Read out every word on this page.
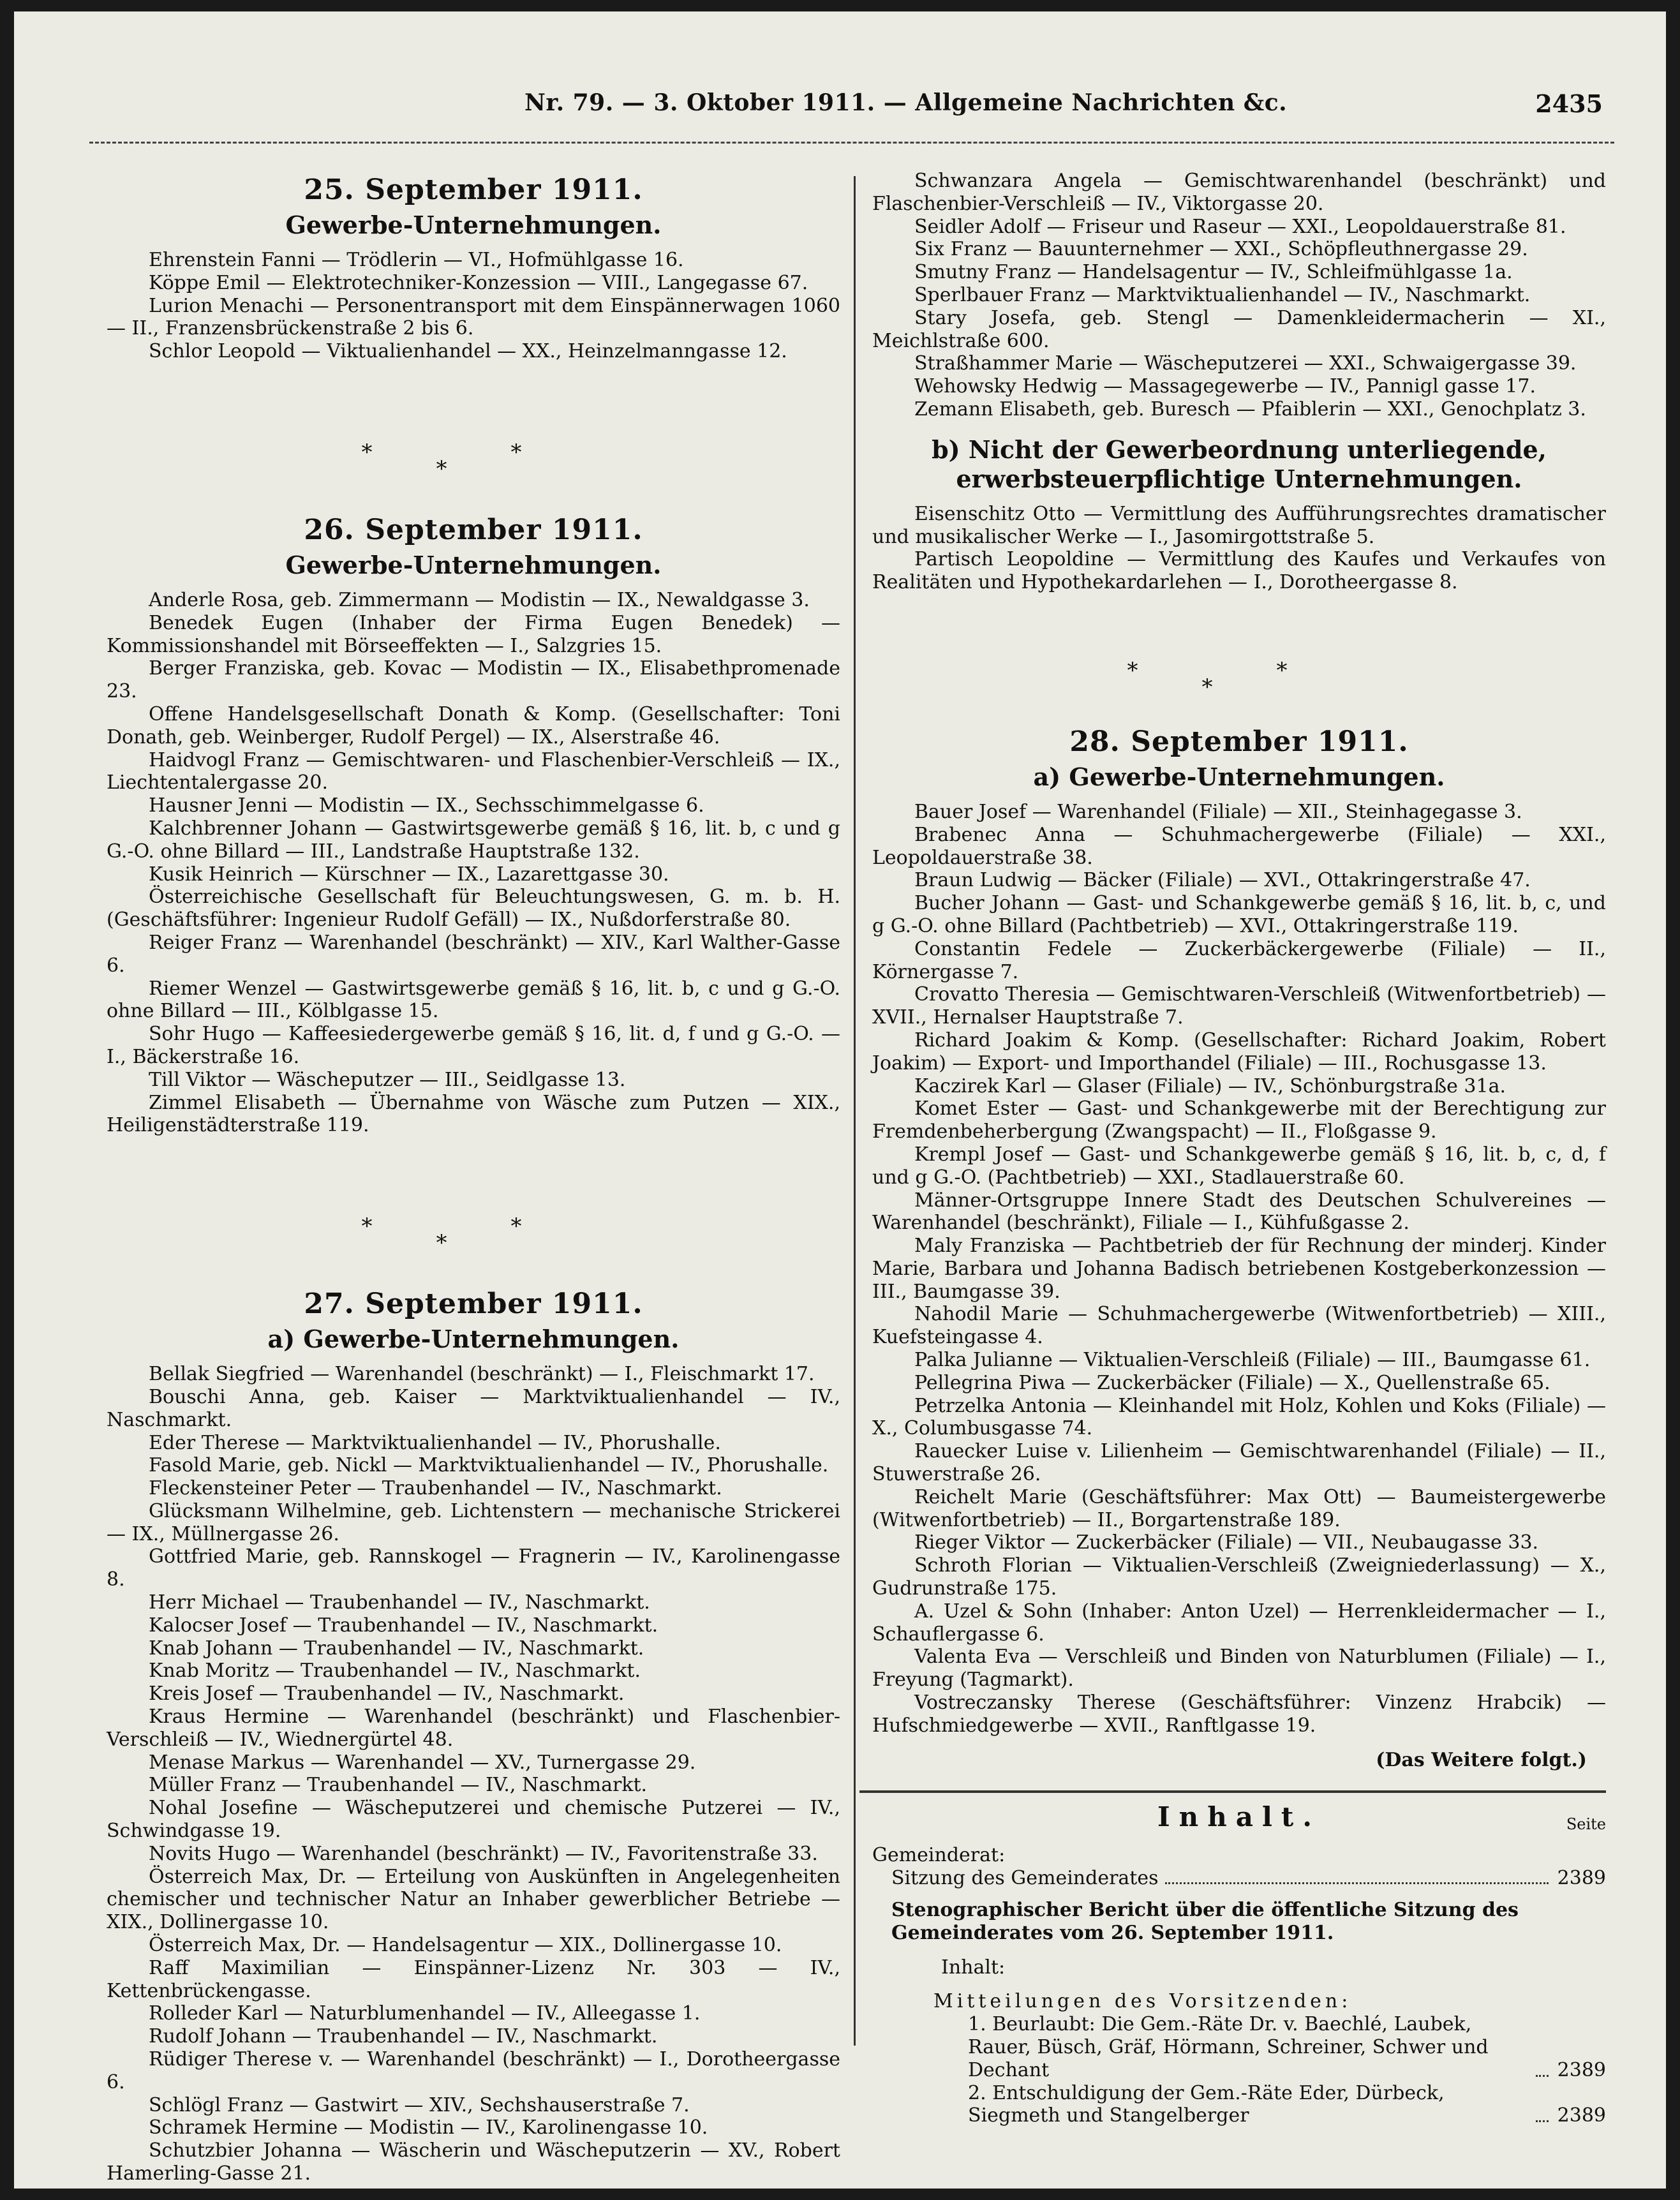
Nr. 79. — 3. Oktober 1911. — Allgemeine Nachrichten &c.	2435
25. September 1911.
Gewerbe-Unternehmungen.

Ehrenstein Fanni — Trödlerin — VI., Hofmühlgasse 16.

Köppe Emil — Elektrotechniker-Konzession — VIII., Langegasse 67.

Lurion Menachi — Personentransport mit dem Einspännerwagen 1060 — II., Franzensbrückenstraße 2 bis 6.

Schlor Leopold — Viktualienhandel — XX., Heinzelmanngasse 12.

***
26. September 1911.
Gewerbe-Unternehmungen.

Anderle Rosa, geb. Zimmermann — Modistin — IX., Newaldgasse 3.

Benedek Eugen (Inhaber der Firma Eugen Benedek) — Kommissionshandel mit Börseeffekten — I., Salzgries 15.

Berger Franziska, geb. Kovac — Modistin — IX., Elisabethpromenade 23.

Offene Handelsgesellschaft Donath & Komp. (Gesellschafter: Toni Donath, geb. Weinberger, Rudolf Pergel) — IX., Alserstraße 46.

Haidvogl Franz — Gemischtwaren- und Flaschenbier-Verschleiß — IX., Liechtentalergasse 20.

Hausner Jenni — Modistin — IX., Sechsschimmelgasse 6.

Kalchbrenner Johann — Gastwirtsgewerbe gemäß § 16, lit. b, c und g G.-O. ohne Billard — III., Landstraße Hauptstraße 132.

Kusik Heinrich — Kürschner — IX., Lazarettgasse 30.

Österreichische Gesellschaft für Beleuchtungswesen, G. m. b. H. (Geschäftsführer: Ingenieur Rudolf Gefäll) — IX., Nußdorferstraße 80.

Reiger Franz — Warenhandel (beschränkt) — XIV., Karl Walther-Gasse 6.

Riemer Wenzel — Gastwirtsgewerbe gemäß § 16, lit. b, c und g G.-O. ohne Billard — III., Kölblgasse 15.

Sohr Hugo — Kaffeesiedergewerbe gemäß § 16, lit. d, f und g G.-O. — I., Bäckerstraße 16.

Till Viktor — Wäscheputzer — III., Seidlgasse 13.

Zimmel Elisabeth — Übernahme von Wäsche zum Putzen — XIX., Heiligenstädterstraße 119.

***
27. September 1911.
a) Gewerbe-Unternehmungen.

Bellak Siegfried — Warenhandel (beschränkt) — I., Fleischmarkt 17.

Bouschi Anna, geb. Kaiser — Marktviktualienhandel — IV., Naschmarkt.

Eder Therese — Marktviktualienhandel — IV., Phorushalle.

Fasold Marie, geb. Nickl — Marktviktualienhandel — IV., Phorushalle.

Fleckensteiner Peter — Traubenhandel — IV., Naschmarkt.

Glücksmann Wilhelmine, geb. Lichtenstern — mechanische Strickerei — IX., Müllnergasse 26.

Gottfried Marie, geb. Rannskogel — Fragnerin — IV., Karolinengasse 8.

Herr Michael — Traubenhandel — IV., Naschmarkt.

Kalocser Josef — Traubenhandel — IV., Naschmarkt.

Knab Johann — Traubenhandel — IV., Naschmarkt.

Knab Moritz — Traubenhandel — IV., Naschmarkt.

Kreis Josef — Traubenhandel — IV., Naschmarkt.

Kraus Hermine — Warenhandel (beschränkt) und Flaschenbier-Verschleiß — IV., Wiednergürtel 48.

Menase Markus — Warenhandel — XV., Turnergasse 29.

Müller Franz — Traubenhandel — IV., Naschmarkt.

Nohal Josefine — Wäscheputzerei und chemische Putzerei — IV., Schwindgasse 19.

Novits Hugo — Warenhandel (beschränkt) — IV., Favoritenstraße 33.

Österreich Max, Dr. — Erteilung von Auskünften in Angelegenheiten chemischer und technischer Natur an Inhaber gewerblicher Betriebe — XIX., Dollinergasse 10.

Österreich Max, Dr. — Handelsagentur — XIX., Dollinergasse 10.

Raff Maximilian — Einspänner-Lizenz Nr. 303 — IV., Kettenbrückengasse.

Rolleder Karl — Naturblumenhandel — IV., Alleegasse 1.

Rudolf Johann — Traubenhandel — IV., Naschmarkt.

Rüdiger Therese v. — Warenhandel (beschränkt) — I., Dorotheergasse 6.

Schlögl Franz — Gastwirt — XIV., Sechshauserstraße 7.

Schramek Hermine — Modistin — IV., Karolinengasse 10.

Schutzbier Johanna — Wäscherin und Wäscheputzerin — XV., Robert Hamerling-Gasse 21.

Schwanzara Angela — Gemischtwarenhandel (beschränkt) und Flaschenbier-Verschleiß — IV., Viktorgasse 20.

Seidler Adolf — Friseur und Raseur — XXI., Leopoldauerstraße 81.

Six Franz — Bauunternehmer — XXI., Schöpfleuthnergasse 29.

Smutny Franz — Handelsagentur — IV., Schleifmühlgasse 1a.

Sperlbauer Franz — Marktviktualienhandel — IV., Naschmarkt.

Stary Josefa, geb. Stengl — Damenkleidermacherin — XI., Meichlstraße 600.

Straßhammer Marie — Wäscheputzerei — XXI., Schwaigergasse 39.

Wehowsky Hedwig — Massagegewerbe — IV., Pannigl gasse 17.

Zemann Elisabeth, geb. Buresch — Pfaiblerin — XXI., Genochplatz 3.

b) Nicht der Gewerbeordnung unterliegende, erwerbsteuerpflichtige Unternehmungen.

Eisenschitz Otto — Vermittlung des Aufführungsrechtes dramatischer und musikalischer Werke — I., Jasomirgottstraße 5.

Partisch Leopoldine — Vermittlung des Kaufes und Verkaufes von Realitäten und Hypothekardarlehen — I., Dorotheergasse 8.

***
28. September 1911.
a) Gewerbe-Unternehmungen.

Bauer Josef — Warenhandel (Filiale) — XII., Steinhagegasse 3.

Brabenec Anna — Schuhmachergewerbe (Filiale) — XXI., Leopoldauerstraße 38.

Braun Ludwig — Bäcker (Filiale) — XVI., Ottakringerstraße 47.

Bucher Johann — Gast- und Schankgewerbe gemäß § 16, lit. b, c, und g G.-O. ohne Billard (Pachtbetrieb) — XVI., Ottakringerstraße 119.

Constantin Fedele — Zuckerbäckergewerbe (Filiale) — II., Körnergasse 7.

Crovatto Theresia — Gemischtwaren-Verschleiß (Witwenfortbetrieb) — XVII., Hernalser Hauptstraße 7.

Richard Joakim & Komp. (Gesellschafter: Richard Joakim, Robert Joakim) — Export- und Importhandel (Filiale) — III., Rochusgasse 13.

Kaczirek Karl — Glaser (Filiale) — IV., Schönburgstraße 31a.

Komet Ester — Gast- und Schankgewerbe mit der Berechtigung zur Fremdenbeherbergung (Zwangspacht) — II., Floßgasse 9.

Krempl Josef — Gast- und Schankgewerbe gemäß § 16, lit. b, c, d, f und g G.-O. (Pachtbetrieb) — XXI., Stadlauerstraße 60.

Männer-Ortsgruppe Innere Stadt des Deutschen Schulvereines — Warenhandel (beschränkt), Filiale — I., Kühfußgasse 2.

Maly Franziska — Pachtbetrieb der für Rechnung der minderj. Kinder Marie, Barbara und Johanna Badisch betriebenen Kostgeberkonzession — III., Baumgasse 39.

Nahodil Marie — Schuhmachergewerbe (Witwenfortbetrieb) — XIII., Kuefsteingasse 4.

Palka Julianne — Viktualien-Verschleiß (Filiale) — III., Baumgasse 61.

Pellegrina Piwa — Zuckerbäcker (Filiale) — X., Quellenstraße 65.

Petrzelka Antonia — Kleinhandel mit Holz, Kohlen und Koks (Filiale) — X., Columbusgasse 74.

Rauecker Luise v. Lilienheim — Gemischtwarenhandel (Filiale) — II., Stuwerstraße 26.

Reichelt Marie (Geschäftsführer: Max Ott) — Baumeistergewerbe (Witwenfortbetrieb) — II., Borgartenstraße 189.

Rieger Viktor — Zuckerbäcker (Filiale) — VII., Neubaugasse 33.

Schroth Florian — Viktualien-Verschleiß (Zweigniederlassung) — X., Gudrunstraße 175.

A. Uzel & Sohn (Inhaber: Anton Uzel) — Herrenkleidermacher — I., Schauflergasse 6.

Valenta Eva — Verschleiß und Binden von Naturblumen (Filiale) — I., Freyung (Tagmarkt).

Vostreczansky Therese (Geschäftsführer: Vinzenz Hrabcik) — Hufschmiedgewerbe — XVII., Ranftlgasse 19.

(Das Weitere folgt.)
Inhalt.	Seite
Gemeinderat:
Sitzung des Gemeinderates	2389
Stenographischer Bericht über die öffentliche Sitzung des Gemeinderates vom 26. September 1911.
Inhalt:
Mitteilungen des Vorsitzenden:
1. Beurlaubt: Die Gem.-Räte Dr. v. Baechlé, Laubek, Rauer, Büsch, Gräf, Hörmann, Schreiner, Schwer und Dechant	2389
2. Entschuldigung der Gem.-Räte Eder, Dürbeck, Siegmeth und Stangelberger	2389
